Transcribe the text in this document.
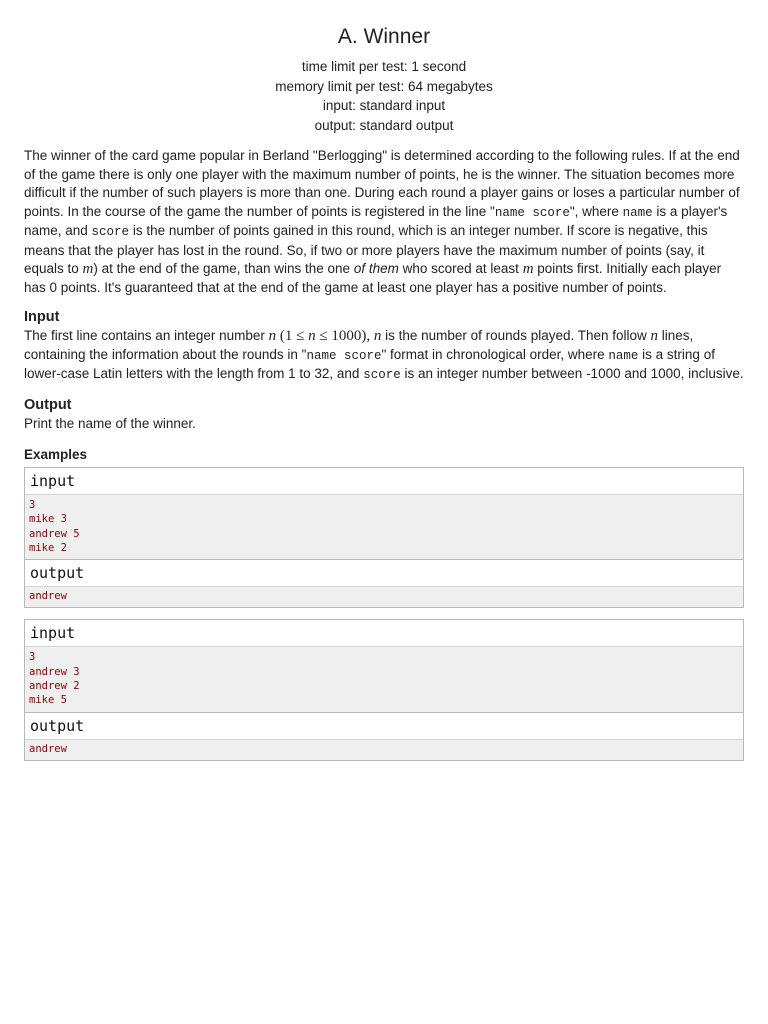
A. Winner
time limit per test: 1 second
memory limit per test: 64 megabytes
input: standard input
output: standard output

The winner of the card game popular in Berland "Berlogging" is determined according to the following rules. If at the end of the game there is only one player with the maximum number of points, he is the winner. The situation becomes more difficult if the number of such players is more than one. During each round a player gains or loses a particular number of points. In the course of the game the number of points is registered in the line "name score", where name is a player's name, and score is the number of points gained in this round, which is an integer number. If score is negative, this means that the player has lost in the round. So, if two or more players have the maximum number of points (say, it equals to m) at the end of the game, than wins the one of them who scored at least m points first. Initially each player has 0 points. It's guaranteed that at the end of the game at least one player has a positive number of points.

Input

The first line contains an integer number n (1 ≤ n ≤ 1000), n is the number of rounds played. Then follow n lines, containing the information about the rounds in "name score" format in chronological order, where name is a string of lower-case Latin letters with the length from 1 to 32, and score is an integer number between -1000 and 1000, inclusive.

Output

Print the name of the winner.

Examples
input
3
mike 3
andrew 5
mike 2
output
andrew
input
3
andrew 3
andrew 2
mike 5
output
andrew
